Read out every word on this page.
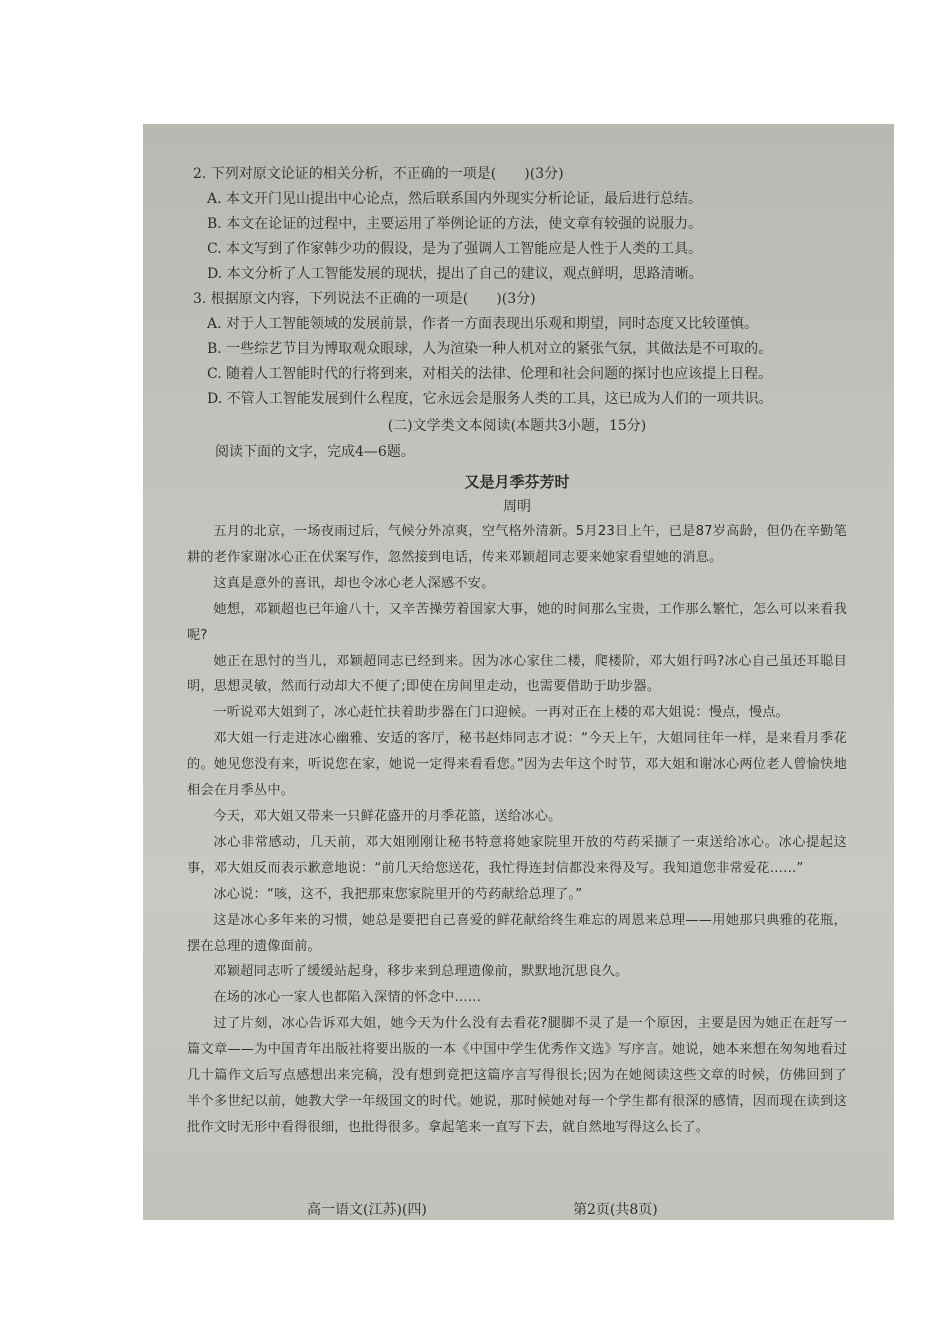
2. 下列对原文论证的相关分析，不正确的一项是(　　)(3分)
A. 本文开门见山提出中心论点，然后联系国内外现实分析论证，最后进行总结。
B. 本文在论证的过程中，主要运用了举例论证的方法，使文章有较强的说服力。
C. 本文写到了作家韩少功的假设，是为了强调人工智能应是人性于人类的工具。
D. 本文分析了人工智能发展的现状，提出了自己的建议，观点鲜明，思路清晰。
3. 根据原文内容，下列说法不正确的一项是(　　)(3分)
A. 对于人工智能领域的发展前景，作者一方面表现出乐观和期望，同时态度又比较谨慎。
B. 一些综艺节目为博取观众眼球，人为渲染一种人机对立的紧张气氛，其做法是不可取的。
C. 随着人工智能时代的行将到来，对相关的法律、伦理和社会问题的探讨也应该提上日程。
D. 不管人工智能发展到什么程度，它永远会是服务人类的工具，这已成为人们的一项共识。
(二)文学类文本阅读(本题共3小题，15分)
阅读下面的文字，完成4—6题。
又是月季芬芳时
周明

五月的北京，一场夜雨过后，气候分外凉爽，空气格外清新。5月23日上午，已是87岁高龄，但仍在辛勤笔耕的老作家谢冰心正在伏案写作，忽然接到电话，传来邓颖超同志要来她家看望她的消息。

这真是意外的喜讯，却也令冰心老人深感不安。

她想，邓颖超也已年逾八十，又辛苦操劳着国家大事，她的时间那么宝贵，工作那么繁忙，怎么可以来看我呢?

她正在思忖的当儿，邓颖超同志已经到来。因为冰心家住二楼，爬楼阶，邓大姐行吗?冰心自己虽还耳聪目明，思想灵敏，然而行动却大不便了;即使在房间里走动，也需要借助于助步器。

一听说邓大姐到了，冰心赶忙扶着助步器在门口迎候。一再对正在上楼的邓大姐说：慢点，慢点。

邓大姐一行走进冰心幽雅、安适的客厅，秘书赵炜同志才说：“今天上午，大姐同往年一样，是来看月季花的。她见您没有来，听说您在家，她说一定得来看看您。”因为去年这个时节，邓大姐和谢冰心两位老人曾愉快地相会在月季丛中。

今天，邓大姐又带来一只鲜花盛开的月季花篮，送给冰心。

冰心非常感动，几天前，邓大姐刚刚让秘书特意将她家院里开放的芍药采撷了一束送给冰心。冰心提起这事，邓大姐反而表示歉意地说：“前几天给您送花，我忙得连封信都没来得及写。我知道您非常爱花……”

冰心说：“咳，这不，我把那束您家院里开的芍药献给总理了。”

这是冰心多年来的习惯，她总是要把自己喜爱的鲜花献给终生难忘的周恩来总理——用她那只典雅的花瓶，摆在总理的遗像面前。

邓颖超同志听了缓缓站起身，移步来到总理遗像前，默默地沉思良久。

在场的冰心一家人也都陷入深情的怀念中……

过了片刻，冰心告诉邓大姐，她今天为什么没有去看花?腿脚不灵了是一个原因，主要是因为她正在赶写一篇文章——为中国青年出版社将要出版的一本《中国中学生优秀作文选》写序言。她说，她本来想在匆匆地看过几十篇作文后写点感想出来完稿，没有想到竟把这篇序言写得很长;因为在她阅读这些文章的时候，仿佛回到了半个多世纪以前，她教大学一年级国文的时代。她说，那时候她对每一个学生都有很深的感情，因而现在读到这批作文时无形中看得很细，也批得很多。拿起笔来一直写下去，就自然地写得这么长了。

高一语文(江苏)(四)	第2页(共8页)
